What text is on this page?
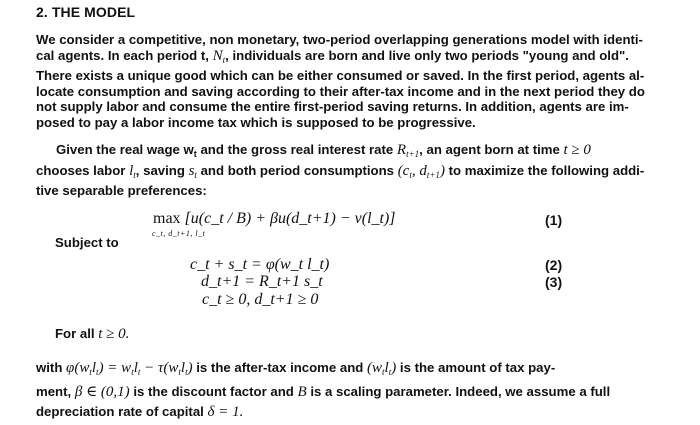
2. THE MODEL
We consider a competitive, non monetary, two-period overlapping generations model with identi-
cal agents. In each period t, $N_t$, individuals are born and live only two periods "young and old".
There exists a unique good which can be either consumed or saved. In the first period, agents al-
locate consumption and saving according to their after-tax income and in the next period they do
not supply labor and consume the entire first-period saving returns. In addition, agents are im-
posed to pay a labor income tax which is supposed to be progressive.
Given the real wage $w_t$ and the gross real interest rate $R_{t+1}$, an agent born at time t ≥ 0
chooses labor $l_t$, saving $s_t$ and both period consumptions ($c_t$, $d_{t+1}$) to maximize the following addi-
tive separable preferences:
max [u(c_t / B) + βu(d_t+1) − v(l_t)]
c_t, d_t+1, l_t
(1)
Subject to
c_t + s_t = φ(w_t l_t)	(2)
d_t+1 = R_t+1 s_t	(3)
c_t ≥ 0, d_t+1 ≥ 0
For all t ≥ 0.
with $\varphi(w_tl_t) = w_tl_t - \tau(w_tl_t)$ is the after-tax income and $(w_tl_t)$ is the amount of tax pay-
ment, β ∈ (0,1) is the discount factor and B is a scaling parameter. Indeed, we assume a full
depreciation rate of capital δ = 1.
